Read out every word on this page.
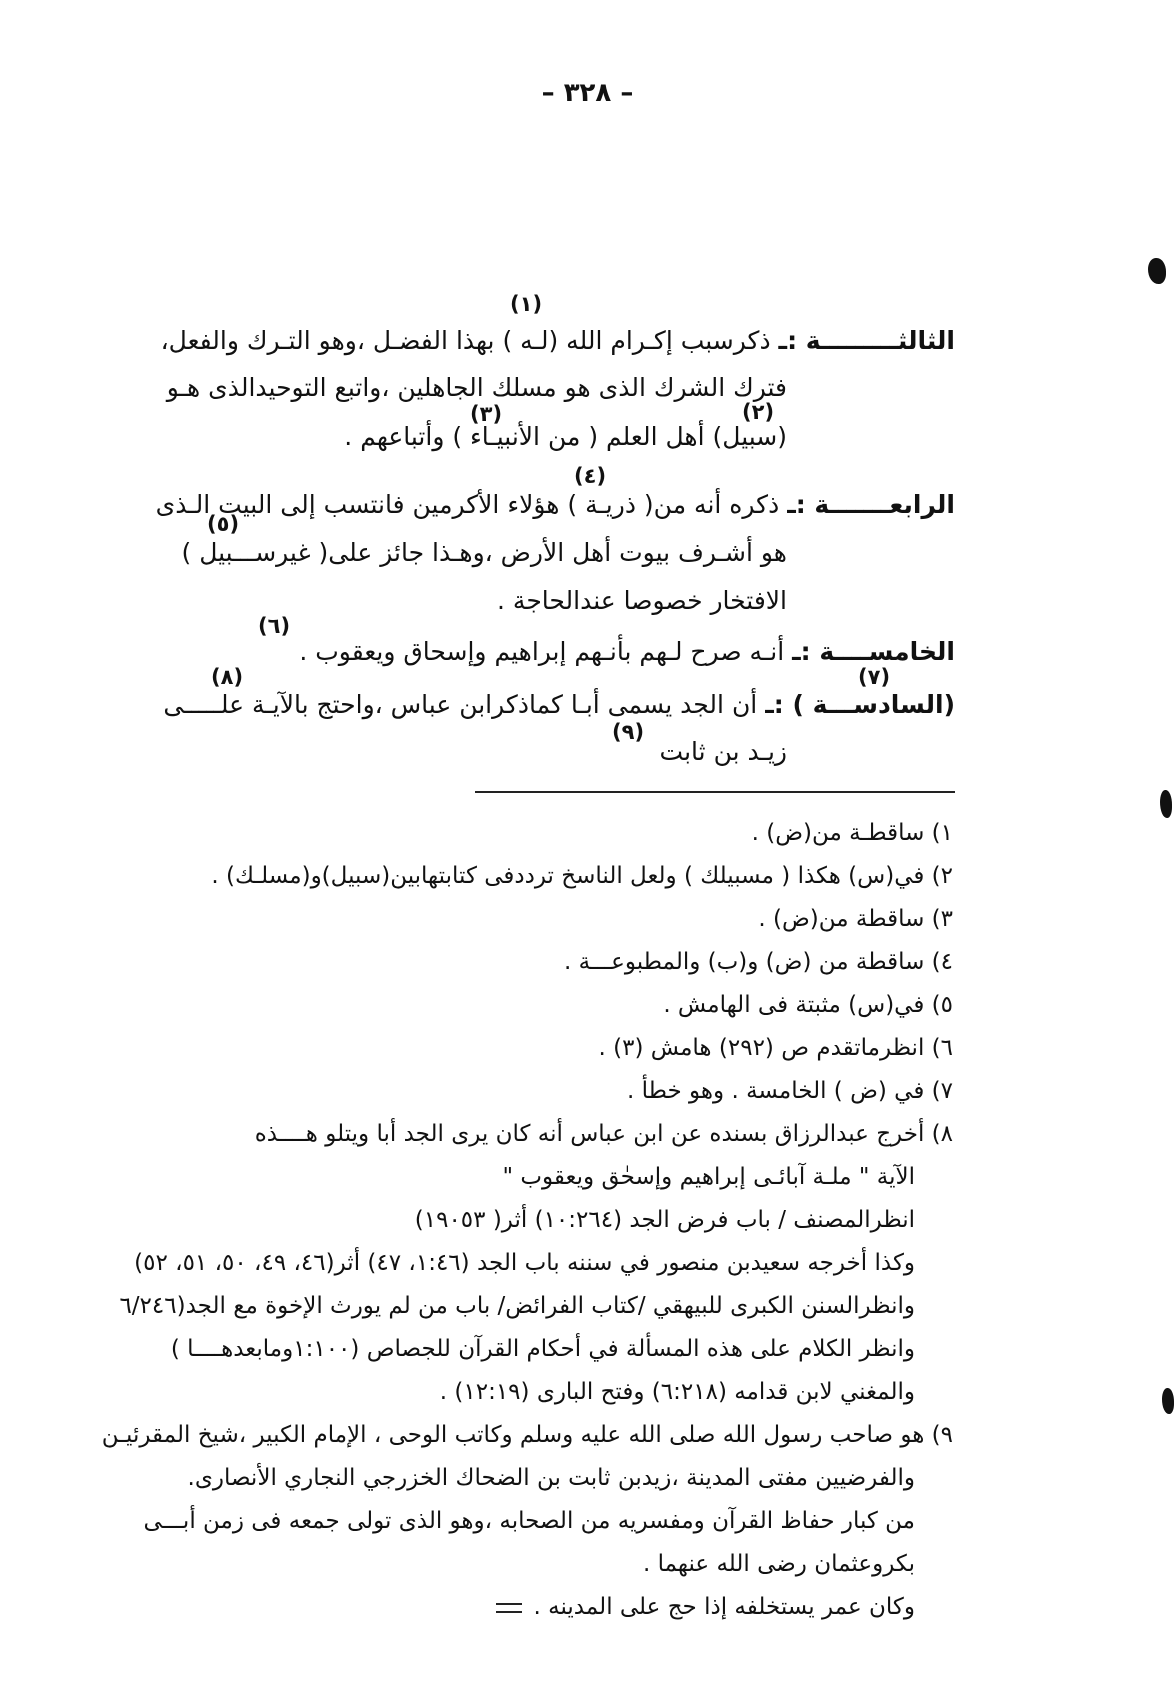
– ٣٢٨ –
(١)
الثالثـــــــــة :ـ ذكرسبب إكـرام الله (لـه ) بهذا الفضـل ،وهو التـرك والفعل،
فترك الشرك الذى هو مسلك الجاهلين ،واتبع التوحيدالذى هـو
(٢)
(٣)
(سبيل) أهل العلم ( من الأنبيـاء ) وأتباعهم .
(٤)
الرابعـــــــة :ـ ذكره أنه من( ذريـة ) هؤلاء الأكرمين فانتسب إلى البيت الـذى
(٥)
هو أشـرف بيوت أهل الأرض ،وهـذا جائز على( غيرســـبيل )
الافتخار خصوصا عندالحاجة .
(٦)
الخامســــة :ـ أنـه صرح لـهم بأنـهم إبراهيم وإسحاق ويعقوب .
(٧)
(٨)
(السادســـة ) :ـ أن الجد يسمى أبـا كماذكرابن عباس ،واحتج بالآيـة علـــــى
(٩)
زيـد بن ثابت
١) ساقطـة من(ض) .
٢) في(س) هكذا ( مسبيلك ) ولعل الناسخ ترددفى كتابتهابين(سبيل)و(مسلـك) .
٣) ساقطة من(ض) .
٤) ساقطة من (ض) و(ب) والمطبوعـــة .
٥) في(س) مثبتة فى الهامش .
٦) انظرماتقدم ص (٢٩٢) هامش (٣) .
٧) في (ض ) الخامسة . وهو خطأ .
٨) أخرج عبدالرزاق بسنده عن ابن عباس أنه كان يرى الجد أبا ويتلو هــــذه
الآية " ملـة آبائـى إبراهيم وإسحٰق ويعقوب "
انظرالمصنف / باب فرض الجد (١٠:٢٦٤) أثر( ١٩٠٥٣)
وكذا أخرجه سعيدبن منصور في سننه باب الجد (١:٤٦، ٤٧) أثر(٤٦، ٤٩، ٥٠، ٥١، ٥٢)
وانظرالسنن الكبرى للبيهقي /كتاب الفرائض/ باب من لم يورث الإخوة مع الجد(٦/٢٤٦
وانظر الكلام على هذه المسألة في أحكام القرآن للجصاص (١:١٠٠ومابعدهــــا )
والمغني لابن قدامه (٦:٢١٨) وفتح البارى (١٢:١٩) .
٩) هو صاحب رسول الله صلى الله عليه وسلم وكاتب الوحى ، الإمام الكبير ،شيخ المقرئيـن
والفرضيين مفتى المدينة ،زيدبن ثابت بن الضحاك الخزرجي النجاري الأنصارى.
من كبار حفاظ القرآن ومفسريه من الصحابه ،وهو الذى تولى جمعه فى زمن أبـــى
بكروعثمان رضى الله عنهما .
وكان عمر يستخلفه إذا حج على المدينه .
